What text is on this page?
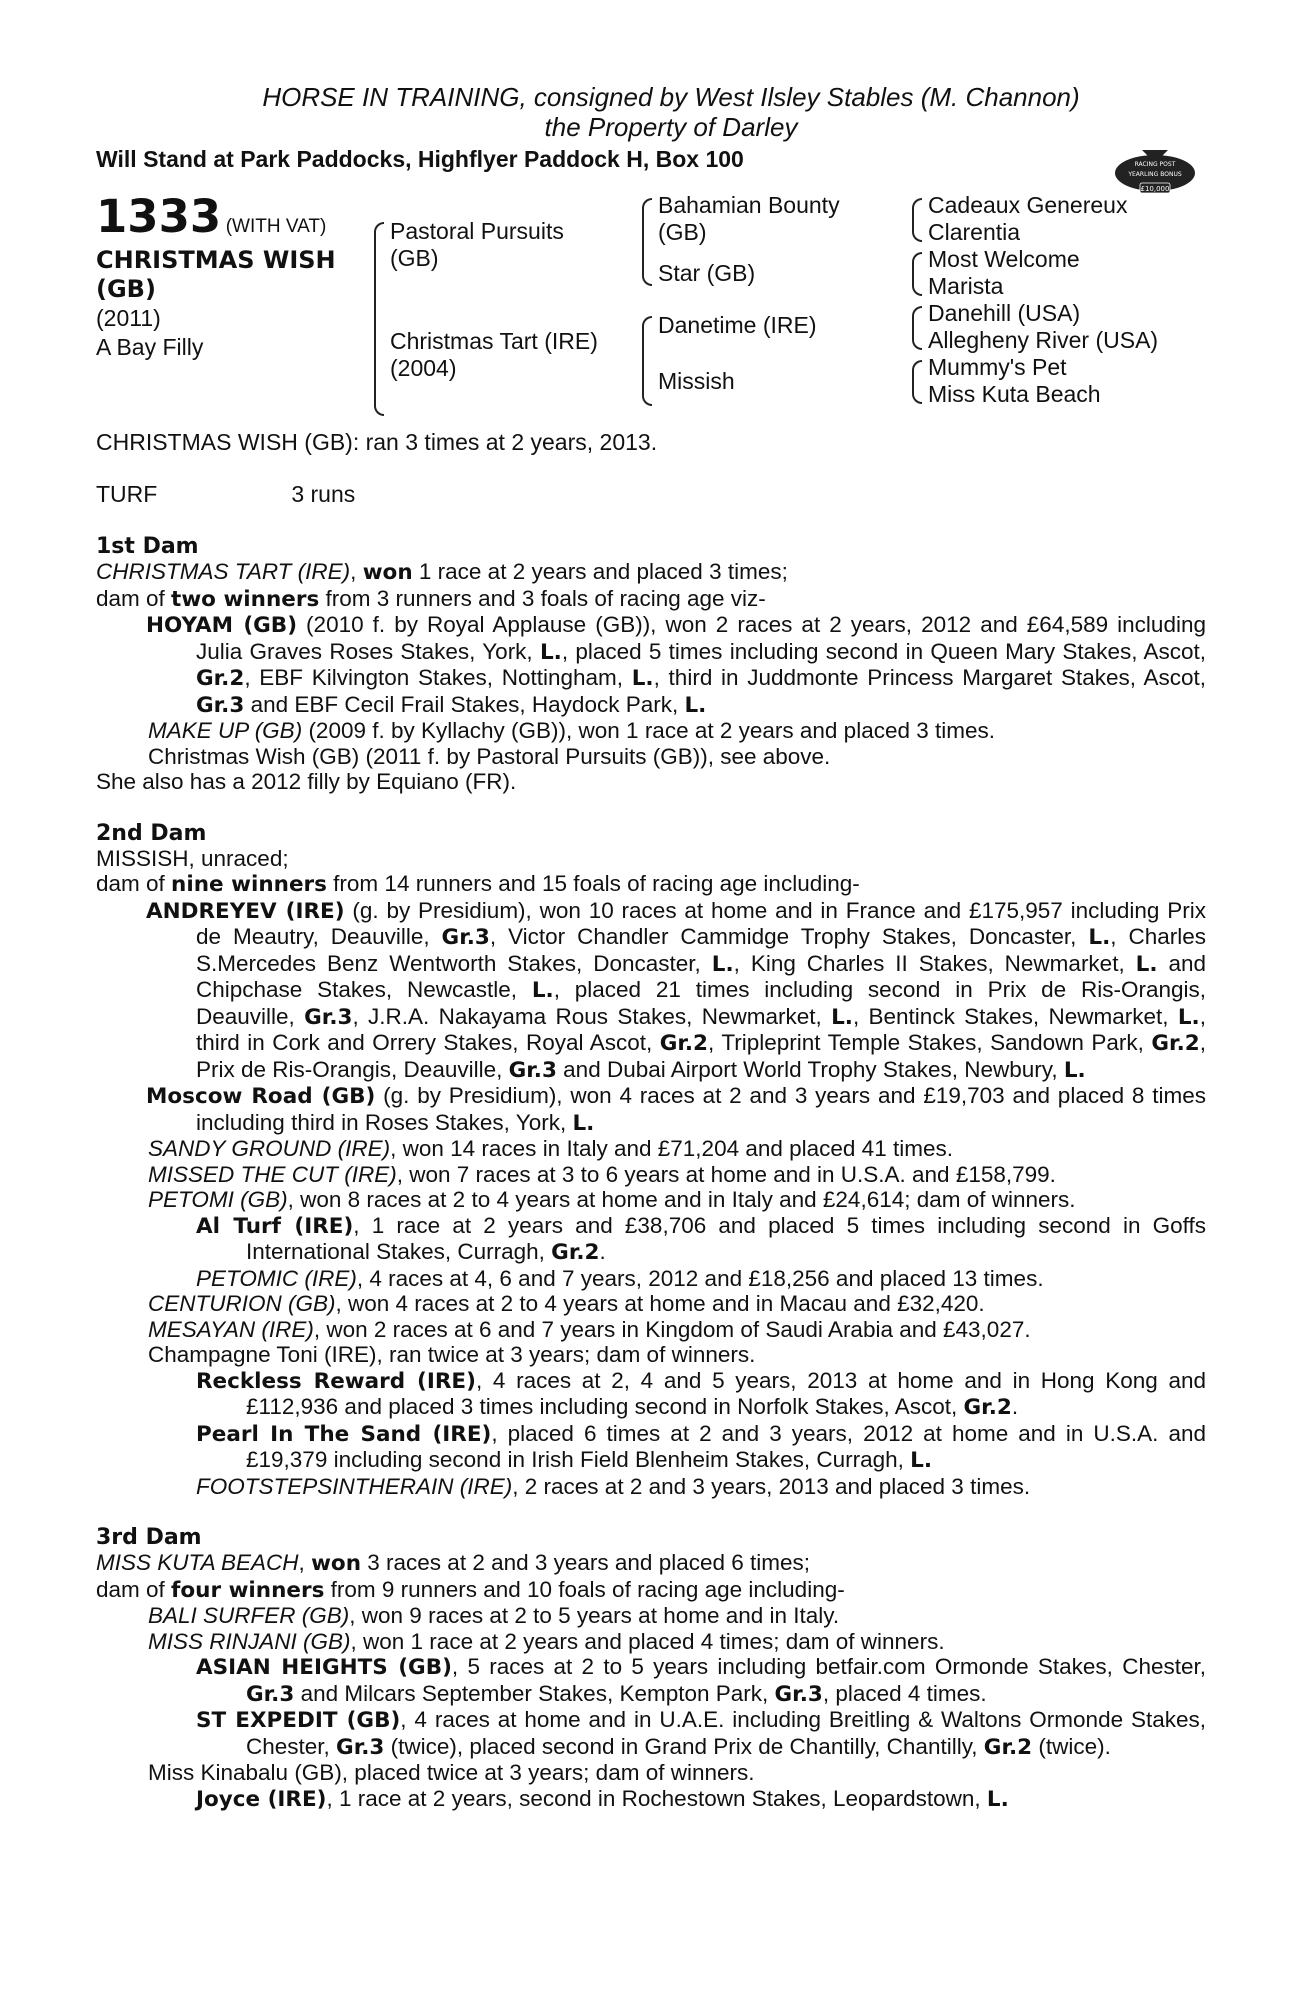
HORSE IN TRAINING, consigned by West Ilsley Stables (M. Channon)
the Property of Darley
Will Stand at Park Paddocks, Highflyer Paddock H, Box 100	RACING POST
YEARLING BONUS
£10,000
1333 (WITH VAT)
CHRISTMAS WISH
(GB)
(2011)
A Bay Filly
Pastoral Pursuits
(GB)
Christmas Tart (IRE)
(2004)
Bahamian Bounty
(GB)
Star (GB)
Danetime (IRE)
Missish
Cadeaux Genereux
Clarentia
Most Welcome
Marista
Danehill (USA)
Allegheny River (USA)
Mummy's Pet
Miss Kuta Beach
CHRISTMAS WISH (GB): ran 3 times at 2 years, 2013.
TURF	3 runs
1st Dam
CHRISTMAS TART (IRE), won 1 race at 2 years and placed 3 times;
dam of two winners from 3 runners and 3 foals of racing age viz-
HOYAM (GB) (2010 f. by Royal Applause (GB)), won 2 races at 2 years, 2012 and £64,589 including Julia Graves Roses Stakes, York, L., placed 5 times including second in Queen Mary Stakes, Ascot, Gr.2, EBF Kilvington Stakes, Nottingham, L., third in Juddmonte Princess Margaret Stakes, Ascot, Gr.3 and EBF Cecil Frail Stakes, Haydock Park, L.
MAKE UP (GB) (2009 f. by Kyllachy (GB)), won 1 race at 2 years and placed 3 times.
Christmas Wish (GB) (2011 f. by Pastoral Pursuits (GB)), see above.
She also has a 2012 filly by Equiano (FR).
2nd Dam
MISSISH, unraced;
dam of nine winners from 14 runners and 15 foals of racing age including-
ANDREYEV (IRE) (g. by Presidium), won 10 races at home and in France and £175,957 including Prix de Meautry, Deauville, Gr.3, Victor Chandler Cammidge Trophy Stakes, Doncaster, L., Charles S.Mercedes Benz Wentworth Stakes, Doncaster, L., King Charles II Stakes, Newmarket, L. and Chipchase Stakes, Newcastle, L., placed 21 times including second in Prix de Ris-Orangis, Deauville, Gr.3, J.R.A. Nakayama Rous Stakes, Newmarket, L., Bentinck Stakes, Newmarket, L., third in Cork and Orrery Stakes, Royal Ascot, Gr.2, Tripleprint Temple Stakes, Sandown Park, Gr.2, Prix de Ris-Orangis, Deauville, Gr.3 and Dubai Airport World Trophy Stakes, Newbury, L.
Moscow Road (GB) (g. by Presidium), won 4 races at 2 and 3 years and £19,703 and placed 8 times including third in Roses Stakes, York, L.
SANDY GROUND (IRE), won 14 races in Italy and £71,204 and placed 41 times.
MISSED THE CUT (IRE), won 7 races at 3 to 6 years at home and in U.S.A. and £158,799.
PETOMI (GB), won 8 races at 2 to 4 years at home and in Italy and £24,614; dam of winners.
Al Turf (IRE), 1 race at 2 years and £38,706 and placed 5 times including second in Goffs International Stakes, Curragh, Gr.2.
PETOMIC (IRE), 4 races at 4, 6 and 7 years, 2012 and £18,256 and placed 13 times.
CENTURION (GB), won 4 races at 2 to 4 years at home and in Macau and £32,420.
MESAYAN (IRE), won 2 races at 6 and 7 years in Kingdom of Saudi Arabia and £43,027.
Champagne Toni (IRE), ran twice at 3 years; dam of winners.
Reckless Reward (IRE), 4 races at 2, 4 and 5 years, 2013 at home and in Hong Kong and £112,936 and placed 3 times including second in Norfolk Stakes, Ascot, Gr.2.
Pearl In The Sand (IRE), placed 6 times at 2 and 3 years, 2012 at home and in U.S.A. and £19,379 including second in Irish Field Blenheim Stakes, Curragh, L.
FOOTSTEPSINTHERAIN (IRE), 2 races at 2 and 3 years, 2013 and placed 3 times.
3rd Dam
MISS KUTA BEACH, won 3 races at 2 and 3 years and placed 6 times;
dam of four winners from 9 runners and 10 foals of racing age including-
BALI SURFER (GB), won 9 races at 2 to 5 years at home and in Italy.
MISS RINJANI (GB), won 1 race at 2 years and placed 4 times; dam of winners.
ASIAN HEIGHTS (GB), 5 races at 2 to 5 years including betfair.com Ormonde Stakes, Chester, Gr.3 and Milcars September Stakes, Kempton Park, Gr.3, placed 4 times.
ST EXPEDIT (GB), 4 races at home and in U.A.E. including Breitling & Waltons Ormonde Stakes, Chester, Gr.3 (twice), placed second in Grand Prix de Chantilly, Chantilly, Gr.2 (twice).
Miss Kinabalu (GB), placed twice at 3 years; dam of winners.
Joyce (IRE), 1 race at 2 years, second in Rochestown Stakes, Leopardstown, L.
